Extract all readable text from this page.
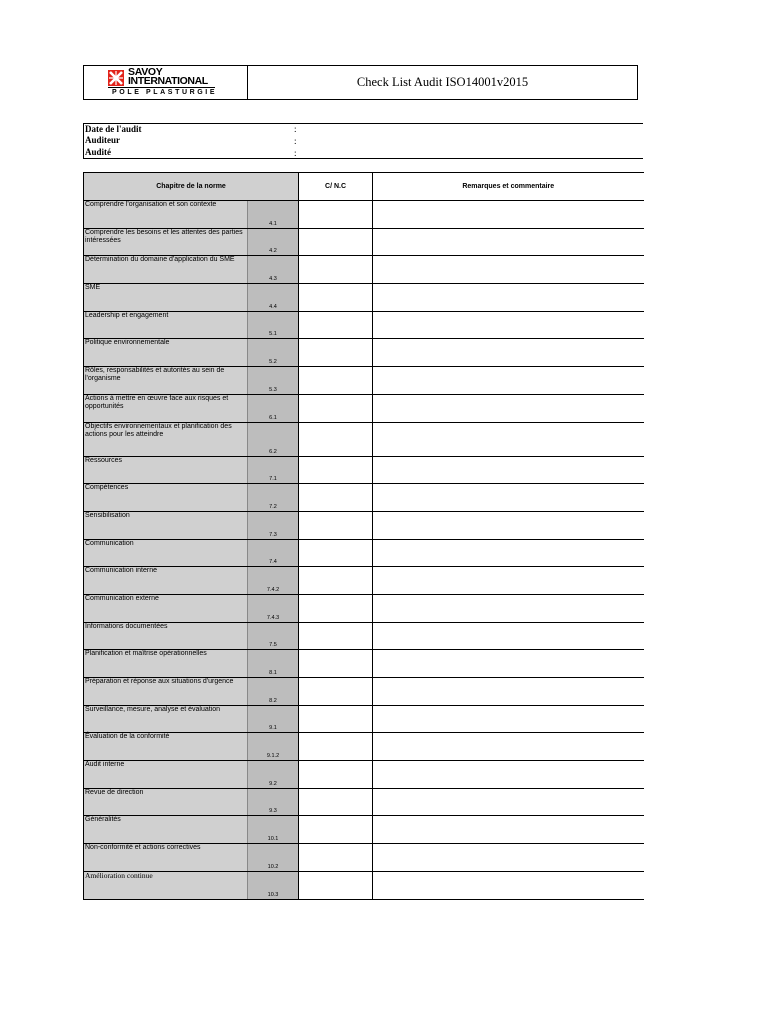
SAVOY
INTERNATIONAL
POLE PLASTURGIE
Check List Audit ISO14001v2015
Date de l'audit	:
Auditeur	:
Audité	:
Chapitre de la norme		C/ N.C	Remarques et commentaire
Comprendre l'organisation et son contexte	4.1		
Comprendre les besoins et les attentes des parties intéressées	4.2		
Détermination du domaine d'application du SME	4.3		
SME	4.4		
Leadership et engagement	5.1		
Politique environnementale	5.2		
Rôles, responsabilités et autorités au sein de l'organisme	5.3		
Actions à mettre en œuvre face aux risques et opportunités	6.1		
Objectifs environnementaux et planification des actions pour les atteindre	6.2		
Ressources	7.1		
Compétences	7.2		
Sensibilisation	7.3		
Communication	7.4		
Communication interne	7.4.2		
Communication externe	7.4.3		
Informations documentées	7.5		
Planification et maîtrise opérationnelles	8.1		
Préparation et réponse aux situations d'urgence	8.2		
Surveillance, mesure, analyse et évaluation	9.1		
Évaluation de la conformité	9.1.2		
Audit interne	9.2		
Revue de direction	9.3		
Généralités	10.1		
Non-conformité et actions correctives	10.2		
Amélioration continue	10.3		
